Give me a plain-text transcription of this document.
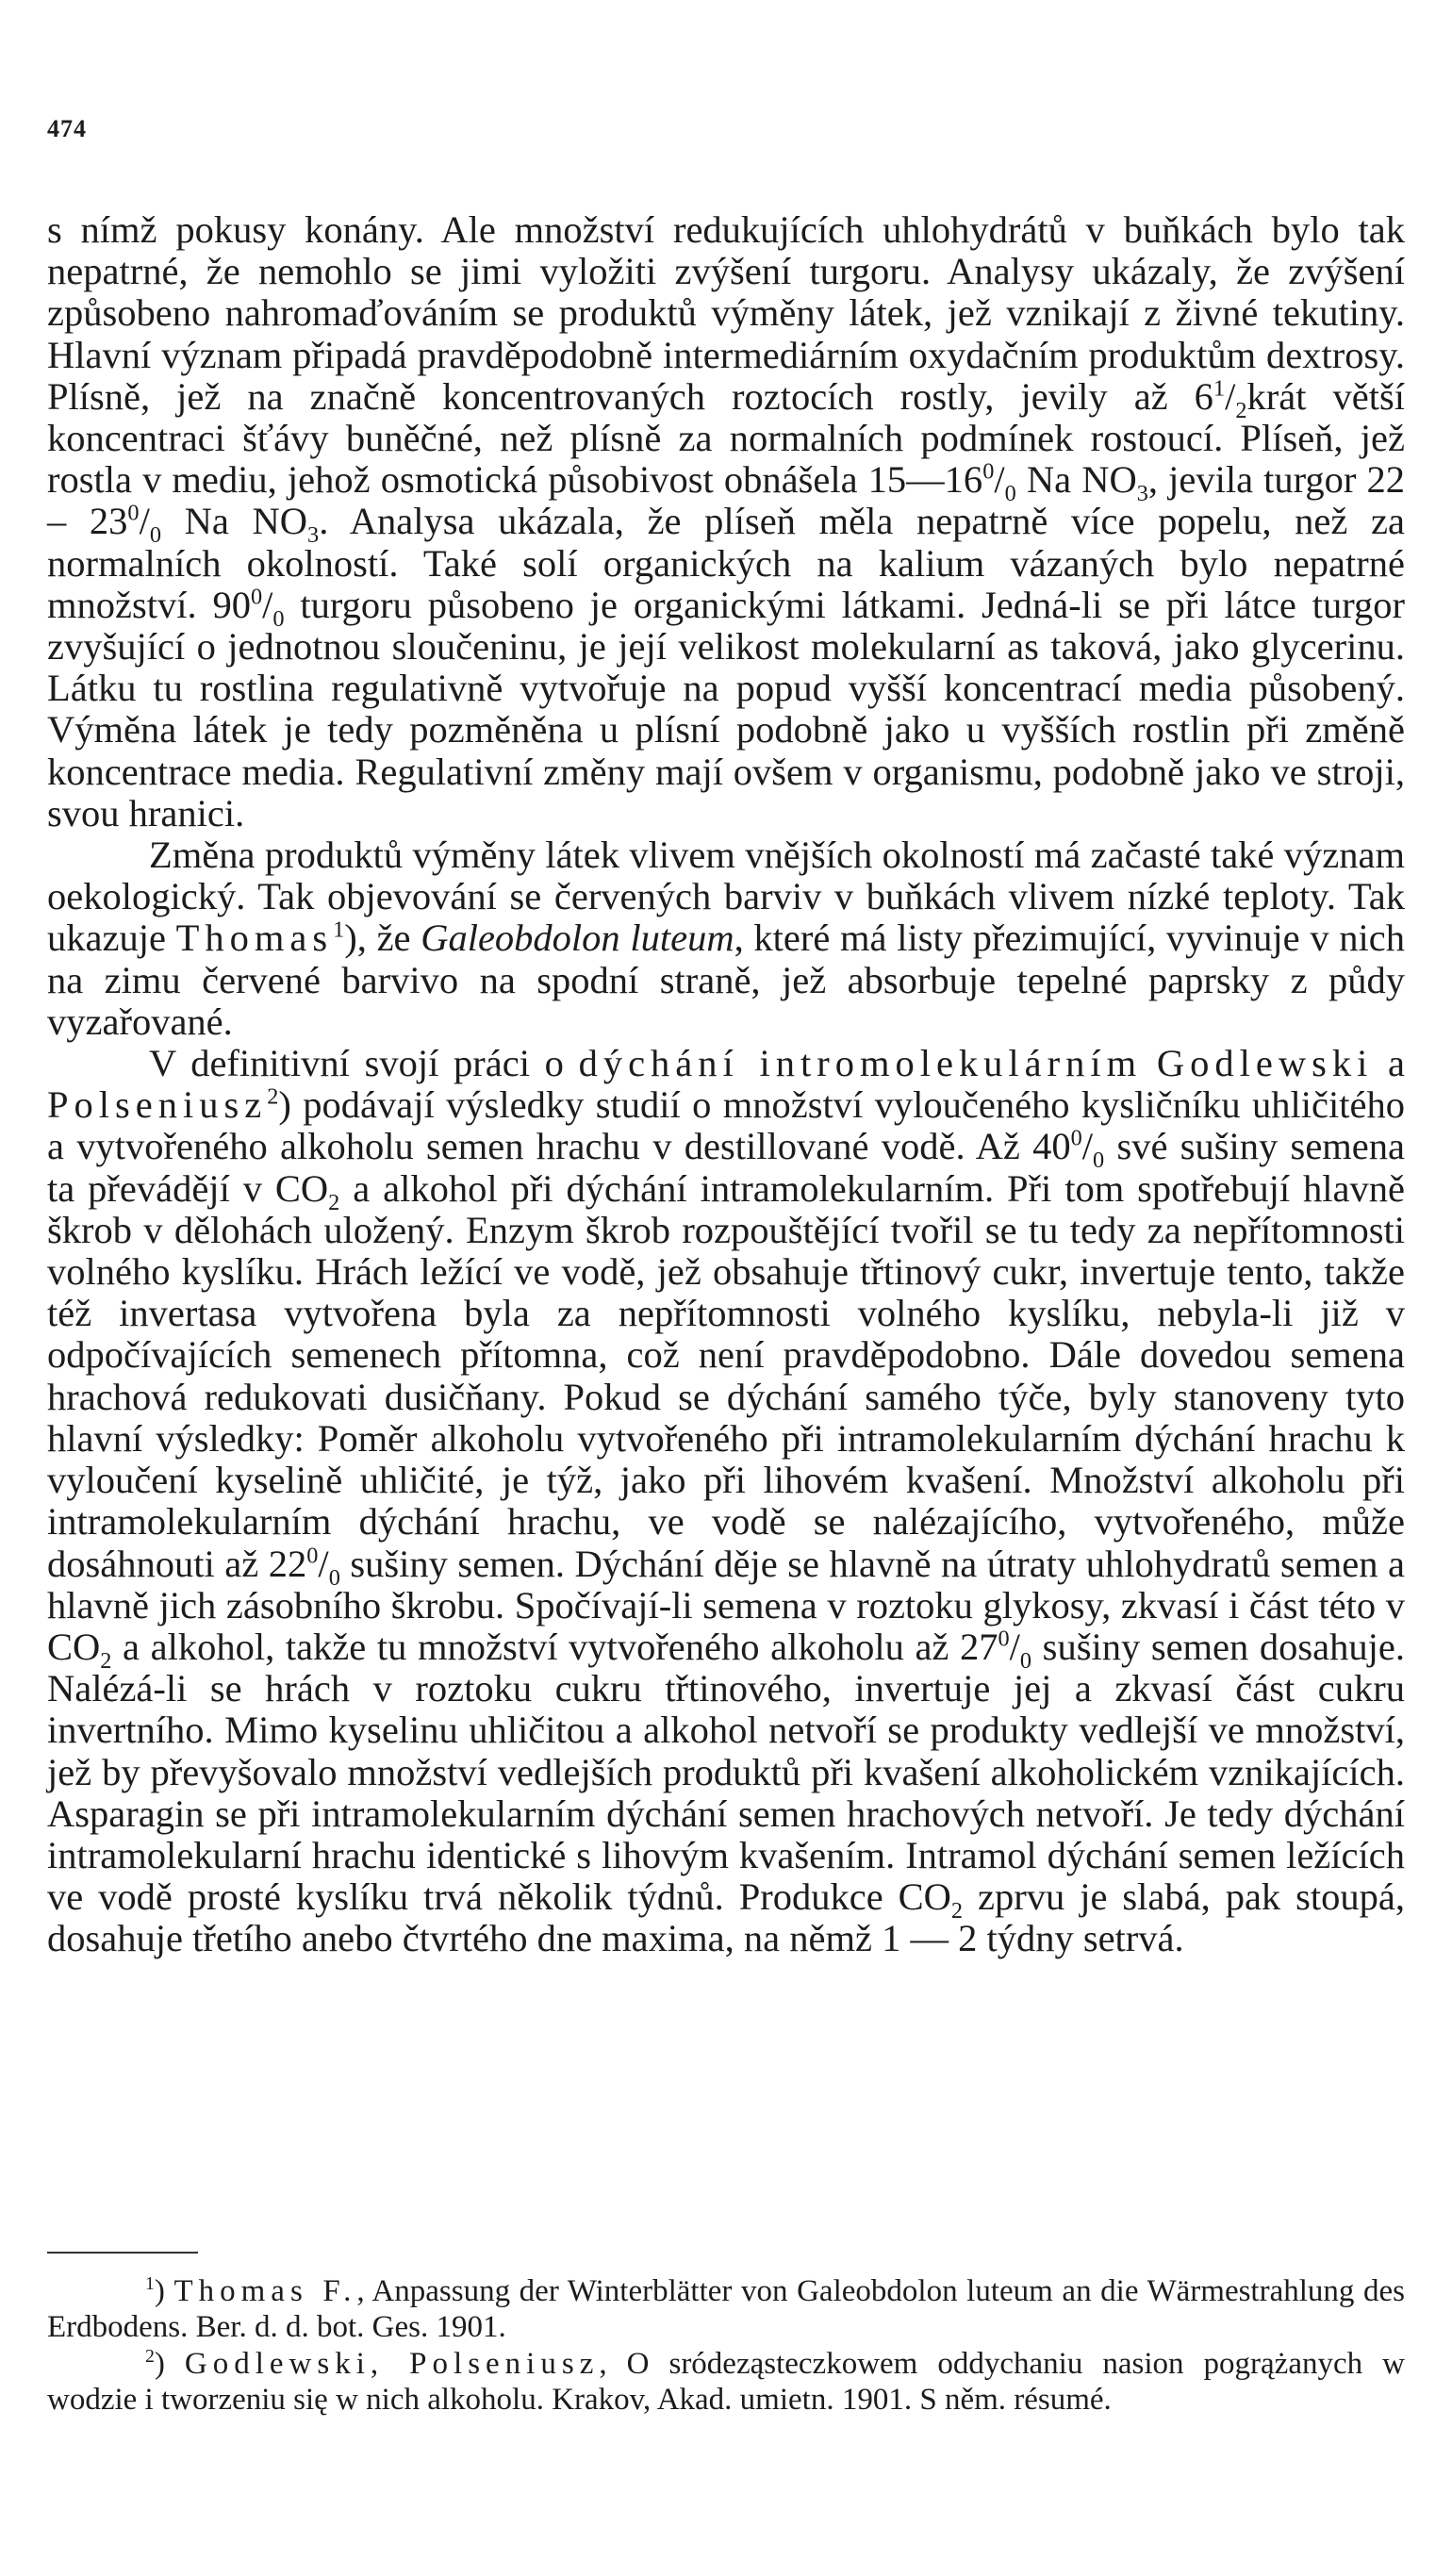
474

s nímž pokusy konány. Ale množství redukujících uhlohydrátů v buňkách bylo tak nepatrné, že nemohlo se jimi vyložiti zvýšení turgoru. Analysy ukázaly, že zvýšení způsobeno nahromaďováním se produktů výměny látek, jež vznikají z živné tekutiny. Hlavní význam připadá pravděpodobně intermediárním oxydačním produktům dextrosy. Plísně, jež na značně koncentrovaných roztocích rostly, jevily až $6^1/_2krát$ větší koncentraci šťávy buněčné, než plísně za normalních podmínek rostoucí. Plíseň, jež rostla v mediu, jehož osmotická působivost obnášela $15—16^0/_0$ Na $NO_3$, jevila turgor $22 - 23^0/_0$ Na $NO_3$. Analysa ukázala, že plíseň měla nepatrně více popelu, než za normalních okolností. Také solí organických na kalium vázaných bylo nepatrné množství. $90^0/_0$ turgoru působeno je organickými látkami. Jedná-li se při látce turgor zvyšující o jednotnou sloučeninu, je její velikost molekularní as taková, jako glycerinu. Látku tu rostlina regulativně vytvořuje na popud vyšší koncentrací media působený. Výměna látek je tedy pozměněna u plísní podobně jako u vyšších rostlin při změně koncentrace media. Regulativní změny mají ovšem v organismu, podobně jako ve stroji, svou hranici.

Změna produktů výměny látek vlivem vnějších okolností má začasté také význam oekologický. Tak objevování se červených barviv v buňkách vlivem nízké teploty. Tak ukazuje Thomas$^1$), že Galeobdolon luteum, které má listy přezimující, vyvinuje v nich na zimu červené barvivo na spodní straně, jež absorbuje tepelné paprsky z půdy vyzařované.

V definitivní svojí práci o dýchání intromolekulárním Godlewski a Polseniusz$^2$) podávají výsledky studií o množství vyloučeného kysličníku uhličitého a vytvořeného alkoholu semen hrachu v destillované vodě. Až $40^0/_0$ své sušiny semena ta převádějí v $CO_2$ a alkohol při dýchání intramolekularním. Při tom spotřebují hlavně škrob v dělohách uložený. Enzym škrob rozpouštějící tvořil se tu tedy za nepřítomnosti volného kyslíku. Hrách ležící ve vodě, jež obsahuje třtinový cukr, invertuje tento, takže též invertasa vytvořena byla za nepřítomnosti volného kyslíku, nebyla-li již v odpočívajících semenech přítomna, což není pravděpodobno. Dále dovedou semena hrachová redukovati dusičňany. Pokud se dýchání samého týče, byly stanoveny tyto hlavní výsledky: Poměr alkoholu vytvořeného při intramolekularním dýchání hrachu k vyloučení kyselině uhličité, je týž, jako při lihovém kvašení. Množství alkoholu při intramolekularním dýchání hrachu, ve vodě se nalézajícího, vytvořeného, může dosáhnouti až $22^0/_0$ sušiny semen. Dýchání děje se hlavně na útraty uhlohydratů semen a hlavně jich zásobního škrobu. Spočívají-li semena v roztoku glykosy, zkvasí i část této v $CO_2$ a alkohol, takže tu množství vytvořeného alkoholu až $27^0/_0$ sušiny semen dosahuje. Nalézá-li se hrách v roztoku cukru třtinového, invertuje jej a zkvasí část cukru invertního. Mimo kyselinu uhličitou a alkohol netvoří se produkty vedlejší ve množství, jež by převyšovalo množství vedlejších produktů při kvašení alkoholickém vznikajících. Asparagin se při intramolekularním dýchání semen hrachových netvoří. Je tedy dýchání intramolekularní hrachu identické s lihovým kvašením. Intramol dýchání semen ležících ve vodě prosté kyslíku trvá několik týdnů. Produkce $CO_2$ zprvu je slabá, pak stoupá, dosahuje třetího anebo čtvrtého dne maxima, na němž 1 — 2 týdny setrvá.

$^1$) Thomas F., Anpassung der Winterblätter von Galeobdolon luteum an die Wärmestrahlung des Erdbodens. Ber. d. d. bot. Ges. 1901.

$^2$) Godlewski, Polseniusz, O sródeząsteczkowem oddychaniu nasion pogrążanych w wodzie i tworzeniu się w nich alkoholu. Krakov, Akad. umietn. 1901. S něm. résumé.
